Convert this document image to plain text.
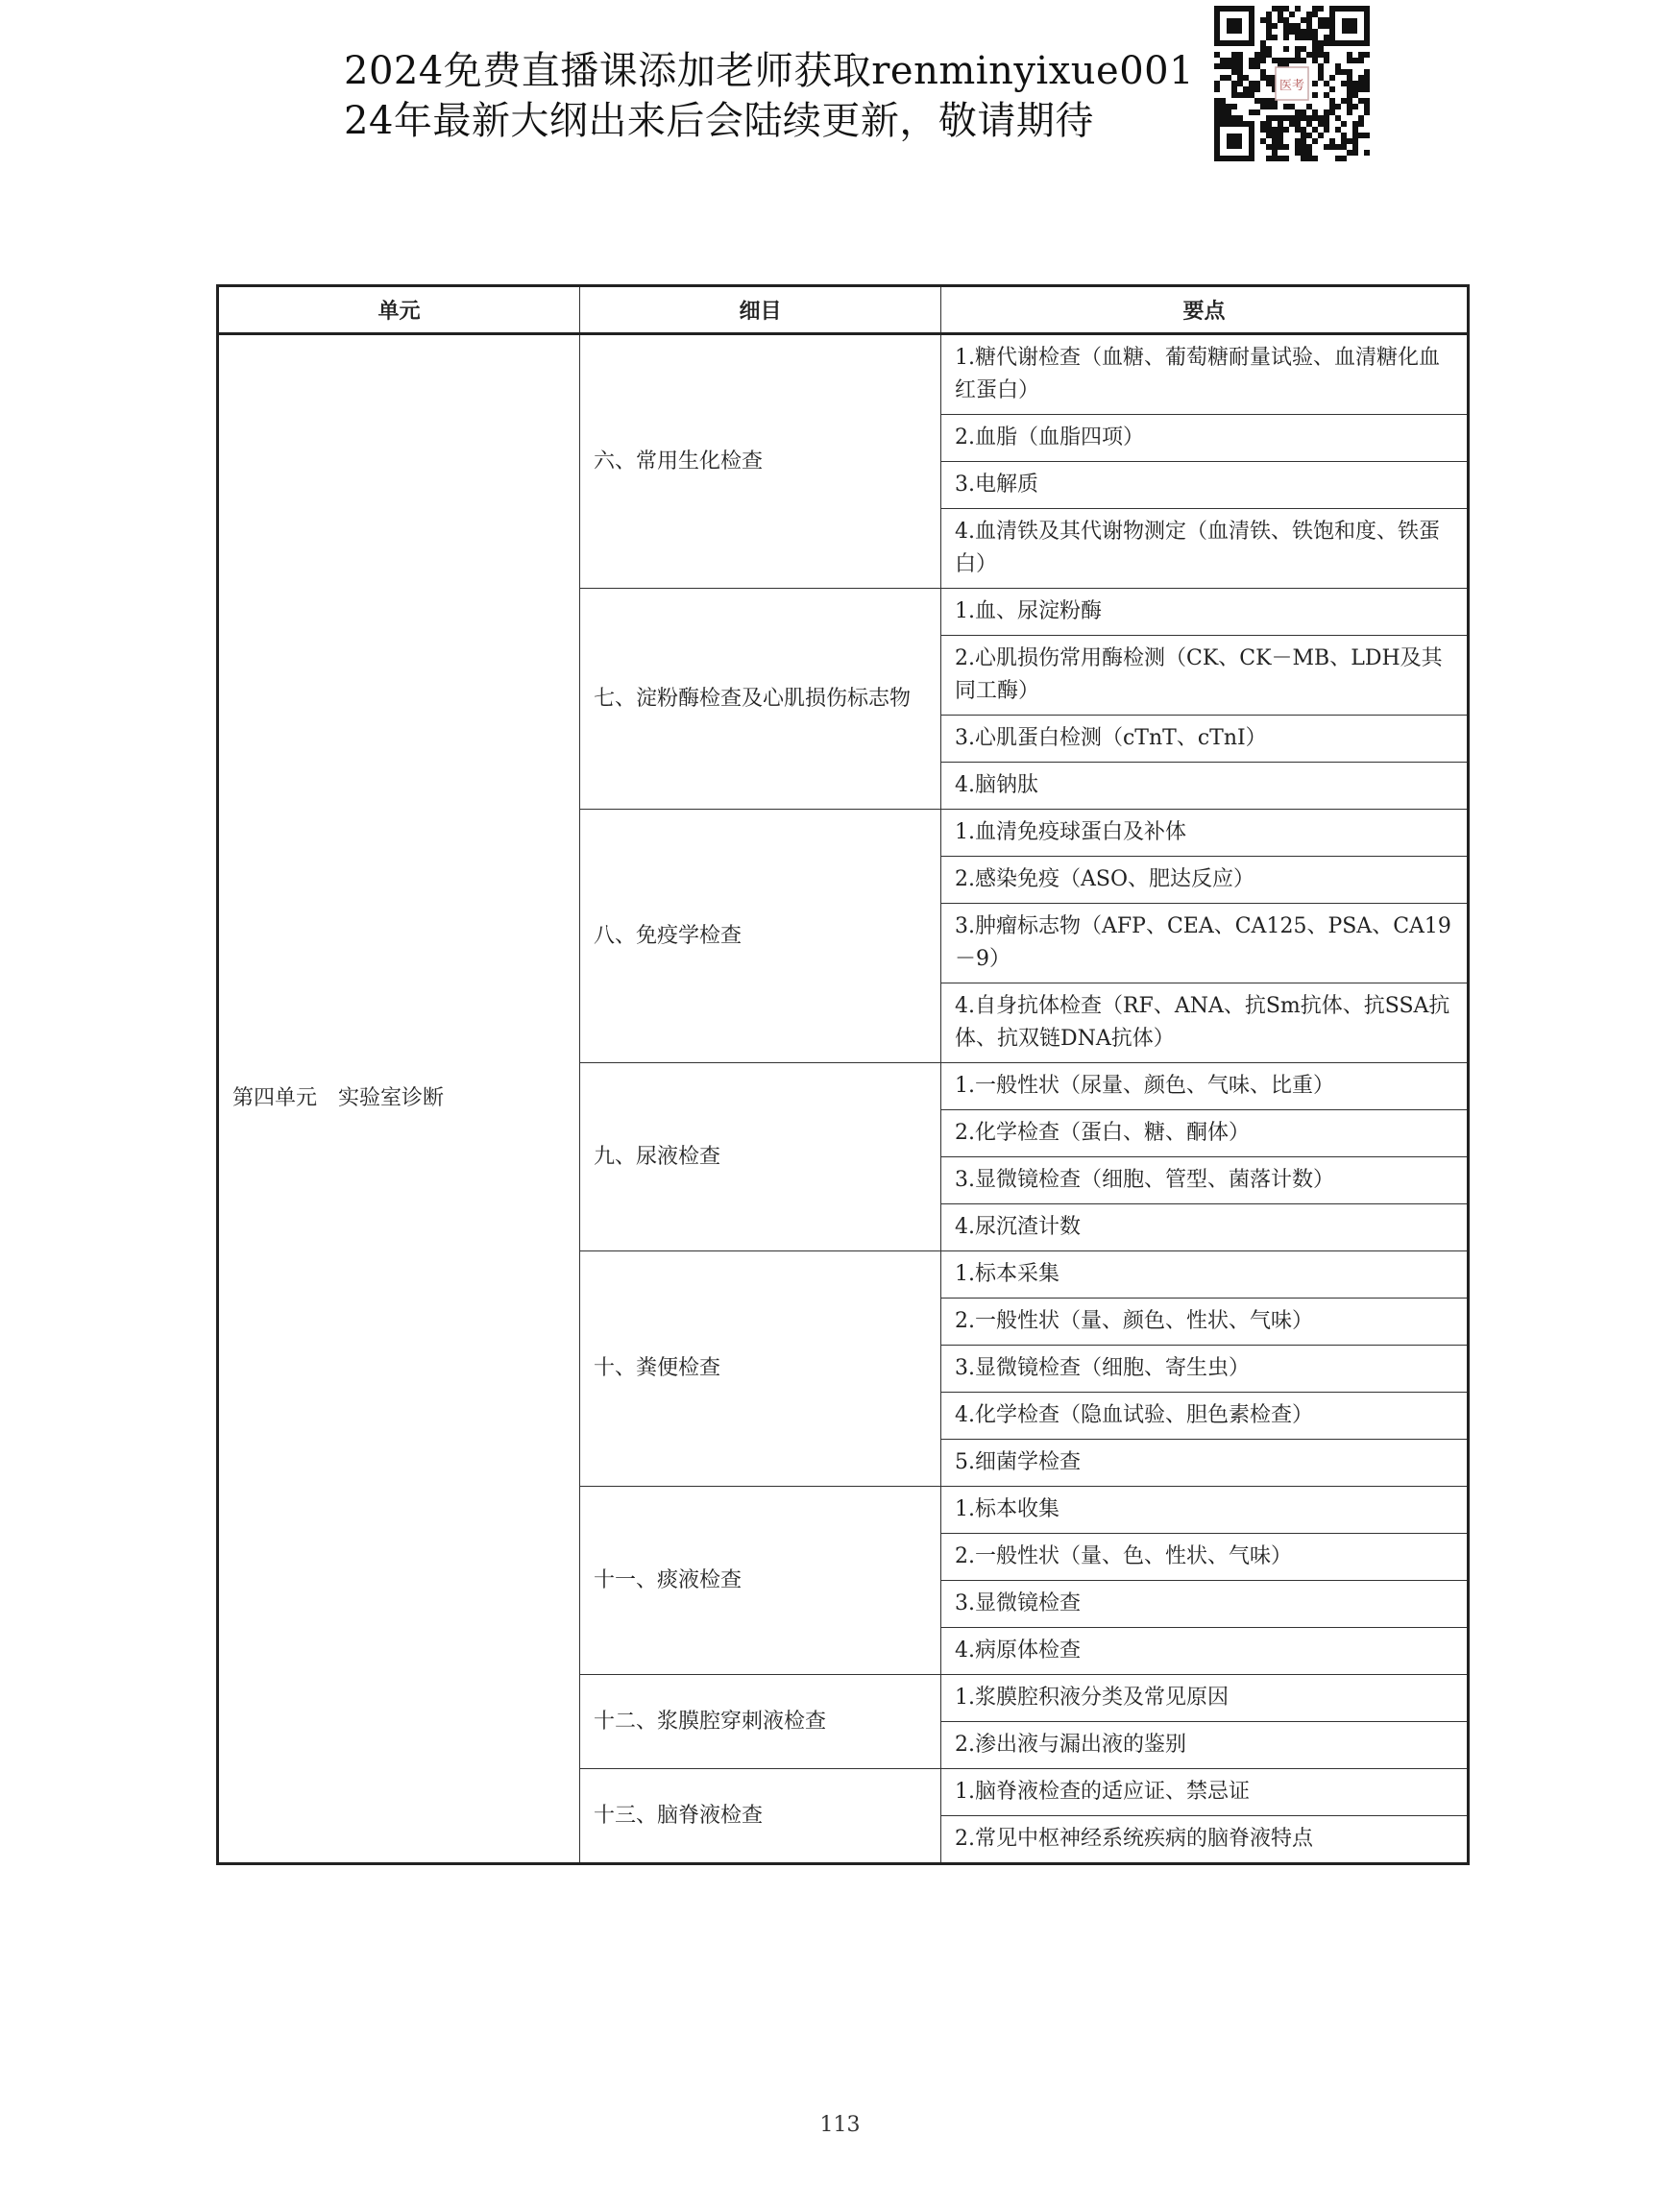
2024免费直播课添加老师获取renminyixue001
24年最新大纲出来后会陆续更新，敬请期待
医考
单元	细目	要点
第四单元　实验室诊断	六、常用生化检查	1.糖代谢检查（血糖、葡萄糖耐量试验、血清糖化血红蛋白）
		2.血脂（血脂四项）
		3.电解质
		4.血清铁及其代谢物测定（血清铁、铁饱和度、铁蛋白）
	七、淀粉酶检查及心肌损伤标志物	1.血、尿淀粉酶
		2.心肌损伤常用酶检测（CK、CK－MB、LDH及其同工酶）
		3.心肌蛋白检测（cTnT、cTnI）
		4.脑钠肽
	八、免疫学检查	1.血清免疫球蛋白及补体
		2.感染免疫（ASO、肥达反应）
		3.肿瘤标志物（AFP、CEA、CA125、PSA、CA19－9）
		4.自身抗体检查（RF、ANA、抗Sm抗体、抗SSA抗体、抗双链DNA抗体）
	九、尿液检查	1.一般性状（尿量、颜色、气味、比重）
		2.化学检查（蛋白、糖、酮体）
		3.显微镜检查（细胞、管型、菌落计数）
		4.尿沉渣计数
	十、粪便检查	1.标本采集
		2.一般性状（量、颜色、性状、气味）
		3.显微镜检查（细胞、寄生虫）
		4.化学检查（隐血试验、胆色素检查）
		5.细菌学检查
	十一、痰液检查	1.标本收集
		2.一般性状（量、色、性状、气味）
		3.显微镜检查
		4.病原体检查
	十二、浆膜腔穿刺液检查	1.浆膜腔积液分类及常见原因
		2.渗出液与漏出液的鉴别
	十三、脑脊液检查	1.脑脊液检查的适应证、禁忌证
		2.常见中枢神经系统疾病的脑脊液特点
113
